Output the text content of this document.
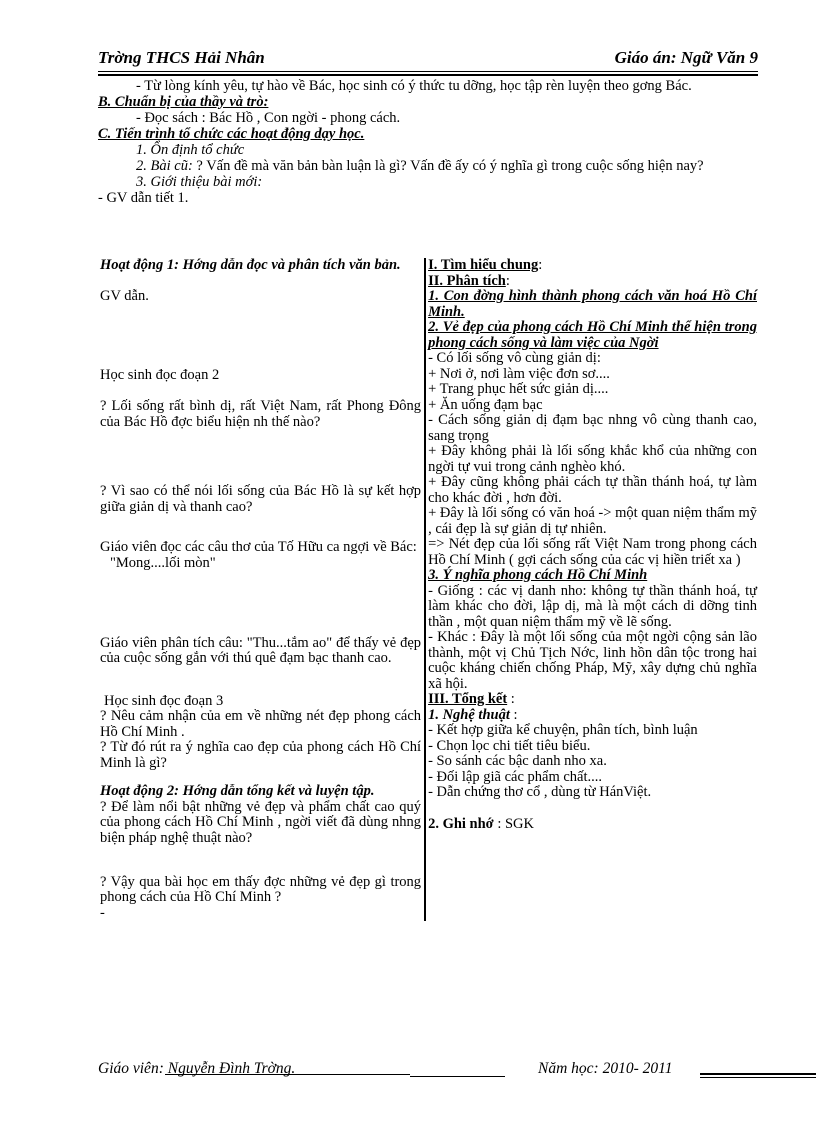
Trờng THCS Hải Nhân	Giáo án: Ngữ Văn 9

- Từ lòng kính yêu, tự hào về Bác, học sinh có ý thức tu dỡng, học tập rèn luyện theo gơng Bác.

B. Chuẩn bị của thầy và trò:

- Đọc sách : Bác Hồ , Con ngời - phong cách.

C. Tiến trình tổ chức các hoạt động dạy học.

1. Ổn định tổ chức

2. Bài cũ: ? Vấn đề mà văn bản bàn luận là gì? Vấn đề ấy có ý nghĩa gì trong cuộc sống hiện nay?

3. Giới thiệu bài mới:

- GV dẫn tiết 1.

Hoạt động 1: Hớng dẫn đọc và phân tích văn bản.

GV dẫn.

Học sinh đọc đoạn 2

? Lối sống rất bình dị, rất Việt Nam, rất Phong Đông của Bác Hồ đợc biểu hiện nh thế nào?

? Vì sao có thể nói lối sống của Bác Hồ là sự kết hợp giữa giản dị và thanh cao?

Giáo viên đọc các câu thơ của Tố Hữu ca ngợi về Bác:

"Mong....lối mòn"

Giáo viên phân tích câu: "Thu...tắm ao" để thấy vẻ đẹp của cuộc sống gắn với thú quê đạm bạc thanh cao.

Học sinh đọc đoạn 3

? Nêu cảm nhận của em về những nét đẹp phong cách Hồ Chí Minh .

? Từ đó rút ra ý nghĩa cao đẹp của phong cách Hồ Chí Minh là gì?

Hoạt động 2: Hớng dẫn tổng kết và luyện tập.

? Để làm nổi bật những vẻ đẹp và phẩm chất cao quý của phong cách Hồ Chí Minh , ngời viết đã dùng nhng biện pháp nghệ thuật nào?

? Vậy qua bài học em thấy đợc những vẻ đẹp gì trong phong cách của Hồ Chí Minh ?

-

I. Tìm hiểu chung:

II. Phân tích:

1. Con đờng hình thành phong cách văn hoá Hồ Chí Minh.

2. Vẻ đẹp của phong cách Hồ Chí Minh thể hiện trong phong cách sống và làm việc của Ngời

- Có lối sống vô cùng giản dị:

+ Nơi ở, nơi làm việc đơn sơ....

+ Trang phục hết sức giản dị....

+ Ăn uống đạm bạc

- Cách sống giản dị đạm bạc nhng vô cùng thanh cao, sang trọng

+ Đây không phải là lối sống khắc khổ của những con ngời tự vui trong cảnh nghèo khó.

+ Đây cũng không phải cách tự thần thánh hoá, tự làm cho khác đời , hơn đời.

+ Đây là lối sống có văn hoá -> một quan niệm thẩm mỹ , cái đẹp là sự giản dị tự nhiên.

=> Nét đẹp của lối sống rất Việt Nam trong phong cách Hồ Chí Minh ( gợi cách sống của các vị hiền triết xa )

3. Ý nghĩa phong cách Hồ Chí Minh

- Giống : các vị danh nho: không tự thần thánh hoá, tự làm khác cho đời, lập dị, mà là một cách di dỡng tinh thần , một quan niệm thẩm mỹ về lẽ sống.

- Khác : Đây là một lối sống của một ngời cộng sản lão thành, một vị Chủ Tịch Nớc, linh hồn dân tộc trong hai cuộc kháng chiến chống Pháp, Mỹ, xây dựng chủ nghĩa xã hội.

III. Tổng kết :

1. Nghệ thuật :

- Kết hợp giữa kể chuyện, phân tích, bình luận

- Chọn lọc chi tiết tiêu biểu.

- So sánh các bậc danh nho xa.

- Đối lập giã các phẩm chất....

- Dẫn chứng thơ cổ , dùng từ HánViệt.

2. Ghi nhớ : SGK

Giáo viên: Nguyễn Đình Trờng.	Năm học: 2010- 2011
